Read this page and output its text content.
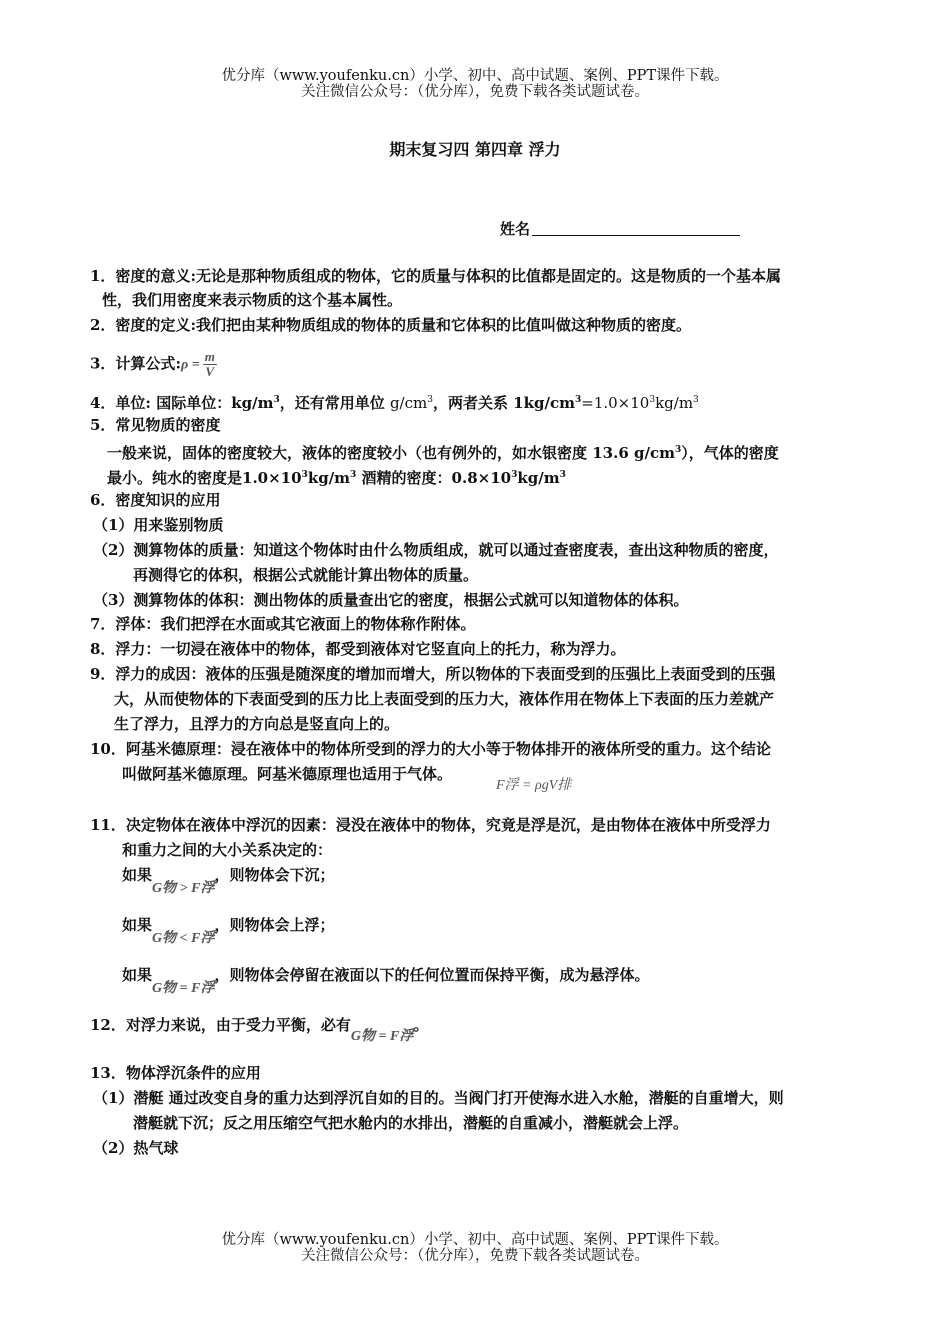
优分库（www.youfenku.cn）小学、初中、高中试题、案例、PPT课件下载。
关注微信公众号：（优分库），免费下载各类试题试卷。
期末复习四 第四章 浮力
姓名
1．密度的意义:无论是那种物质组成的物体，它的质量与体积的比值都是固定的。这是物质的一个基本属
性，我们用密度来表示物质的这个基本属性。
2．密度的定义:我们把由某种物质组成的物体的质量和它体积的比值叫做这种物质的密度。
3．计算公式:ρ = $\frac{m}{V}$
4．单位: 国际单位：$kg/m^3$，还有常用单位 $g/cm^3$，两者关系 $1kg/cm^3=1.0\times 10^3kg/m^3$
5．常见物质的密度
一般来说，固体的密度较大，液体的密度较小（也有例外的，如水银密度 13.6 $g/cm^3$），气体的密度
最小。纯水的密度是$1.0\times 10^3kg/m^3$ 酒精的密度：$0.8\times 10^3kg/m^3$
6．密度知识的应用
（1）用来鉴别物质
（2）测算物体的质量：知道这个物体时由什么物质组成，就可以通过查密度表，查出这种物质的密度，
再测得它的体积，根据公式就能计算出物体的质量。
（3）测算物体的体积：测出物体的质量查出它的密度，根据公式就可以知道物体的体积。
7．浮体：我们把浮在水面或其它液面上的物体称作附体。
8．浮力：一切浸在液体中的物体，都受到液体对它竖直向上的托力，称为浮力。
9．浮力的成因：液体的压强是随深度的增加而增大，所以物体的下表面受到的压强比上表面受到的压强
大，从而使物体的下表面受到的压力比上表面受到的压力大，液体作用在物体上下表面的压力差就产
生了浮力，且浮力的方向总是竖直向上的。
10．阿基米德原理：浸在液体中的物体所受到的浮力的大小等于物体排开的液体所受的重力。这个结论
叫做阿基米德原理。阿基米德原理也适用于气体。
F浮 = ρgV排
11．决定物体在液体中浮沉的因素：浸没在液体中的物体，究竟是浮是沉，是由物体在液体中所受浮力
和重力之间的大小关系决定的：
如果G物 > F浮，则物体会下沉；
如果G物 < F浮，则物体会上浮；
如果G物 = F浮，则物体会停留在液面以下的任何位置而保持平衡，成为悬浮体。
12．对浮力来说，由于受力平衡，必有G物 = F浮。
13．物体浮沉条件的应用
（1）潜艇 通过改变自身的重力达到浮沉自如的目的。当阀门打开使海水进入水舱，潜艇的自重增大，则
潜艇就下沉；反之用压缩空气把水舱内的水排出，潜艇的自重减小，潜艇就会上浮。
（2）热气球
优分库（www.youfenku.cn）小学、初中、高中试题、案例、PPT课件下载。
关注微信公众号：（优分库），免费下载各类试题试卷。
